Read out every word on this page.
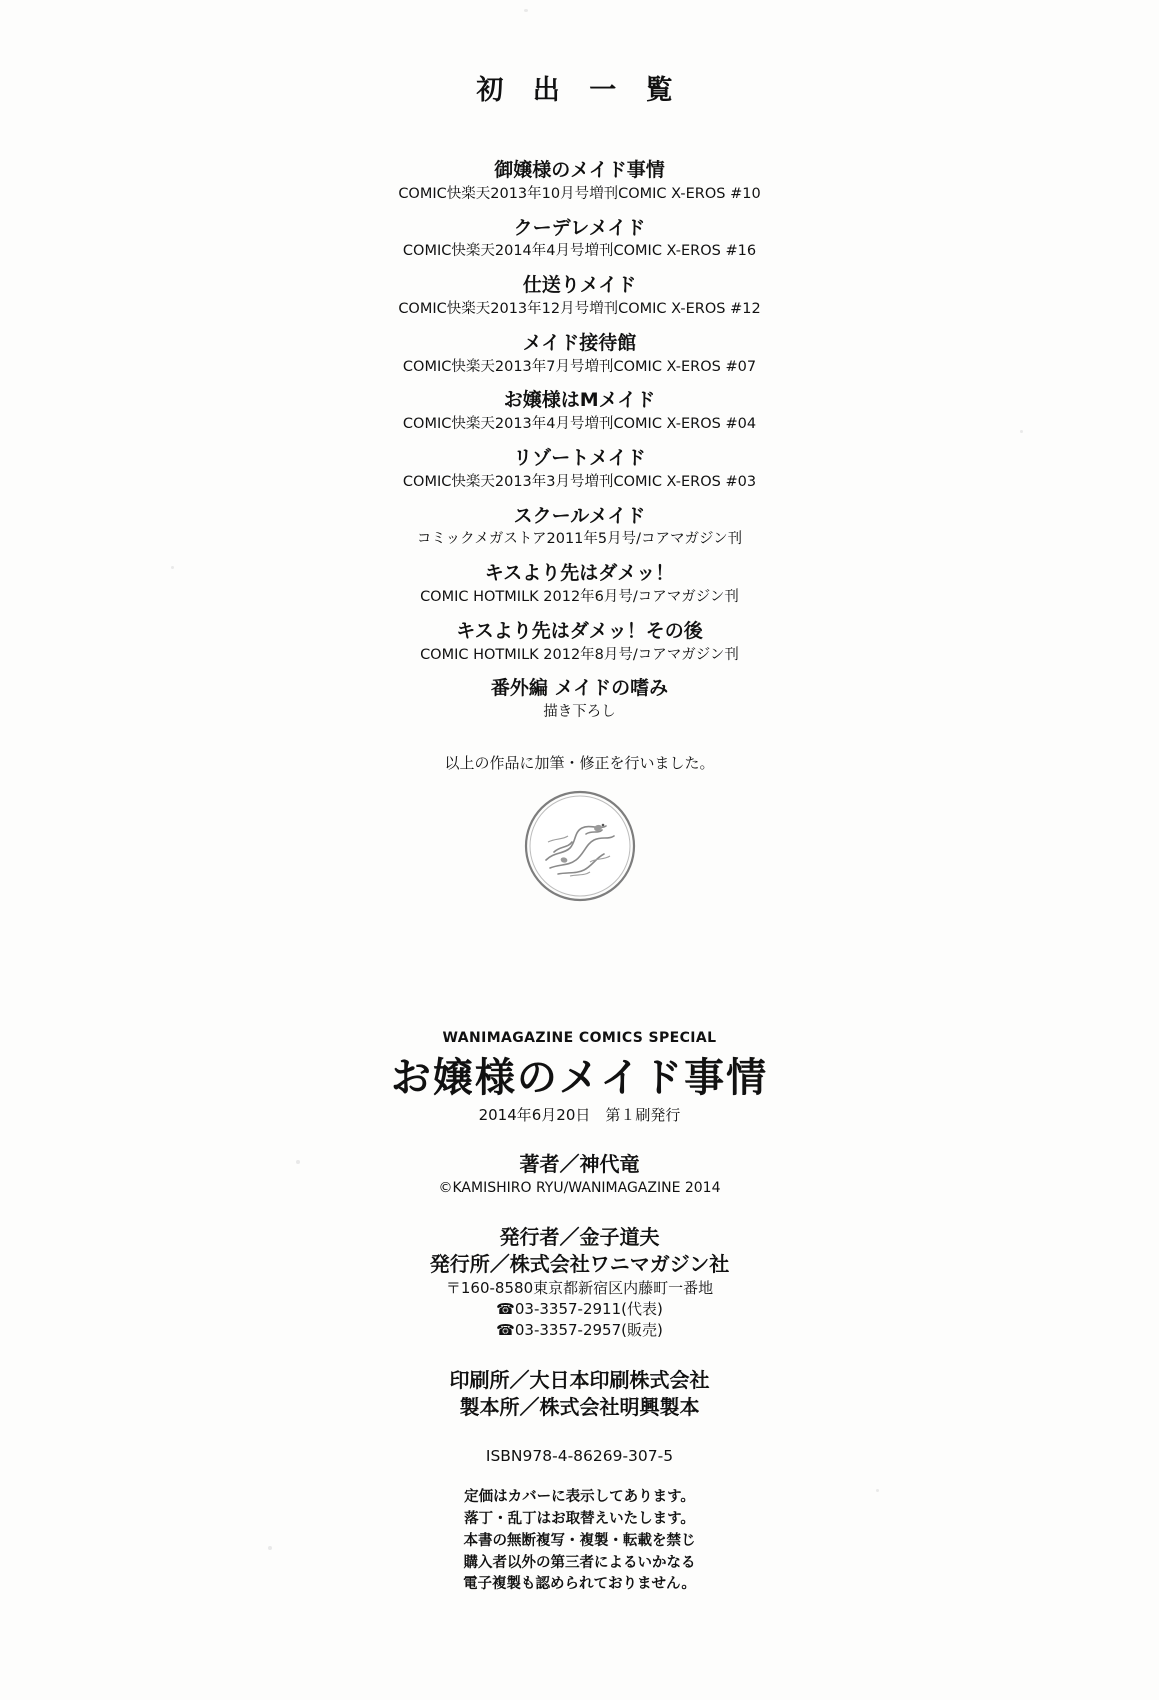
初 出 一 覧
御嬢様のメイド事情
COMIC快楽天2013年10月号増刊COMIC X-EROS #10
クーデレメイド
COMIC快楽天2014年4月号増刊COMIC X-EROS #16
仕送りメイド
COMIC快楽天2013年12月号増刊COMIC X-EROS #12
メイド接待館
COMIC快楽天2013年7月号増刊COMIC X-EROS #07
お嬢様はMメイド
COMIC快楽天2013年4月号増刊COMIC X-EROS #04
リゾートメイド
COMIC快楽天2013年3月号増刊COMIC X-EROS #03
スクールメイド
コミックメガストア2011年5月号/コアマガジン刊
キスより先はダメッ！
COMIC HOTMILK 2012年6月号/コアマガジン刊
キスより先はダメッ！その後
COMIC HOTMILK 2012年8月号/コアマガジン刊
番外編 メイドの嗜み
描き下ろし
以上の作品に加筆・修正を行いました。
WANIMAGAZINE COMICS SPECIAL
お嬢様のメイド事情
2014年6月20日　第１刷発行
著者／神代竜
©KAMISHIRO RYU/WANIMAGAZINE 2014
発行者／金子道夫
発行所／株式会社ワニマガジン社
〒160-8580東京都新宿区内藤町一番地
☎03-3357-2911(代表)
☎03-3357-2957(販売)
印刷所／大日本印刷株式会社
製本所／株式会社明興製本
ISBN978-4-86269-307-5
定価はカバーに表示してあります。
落丁・乱丁はお取替えいたします。
本書の無断複写・複製・転載を禁じ
購入者以外の第三者によるいかなる
電子複製も認められておりません。
